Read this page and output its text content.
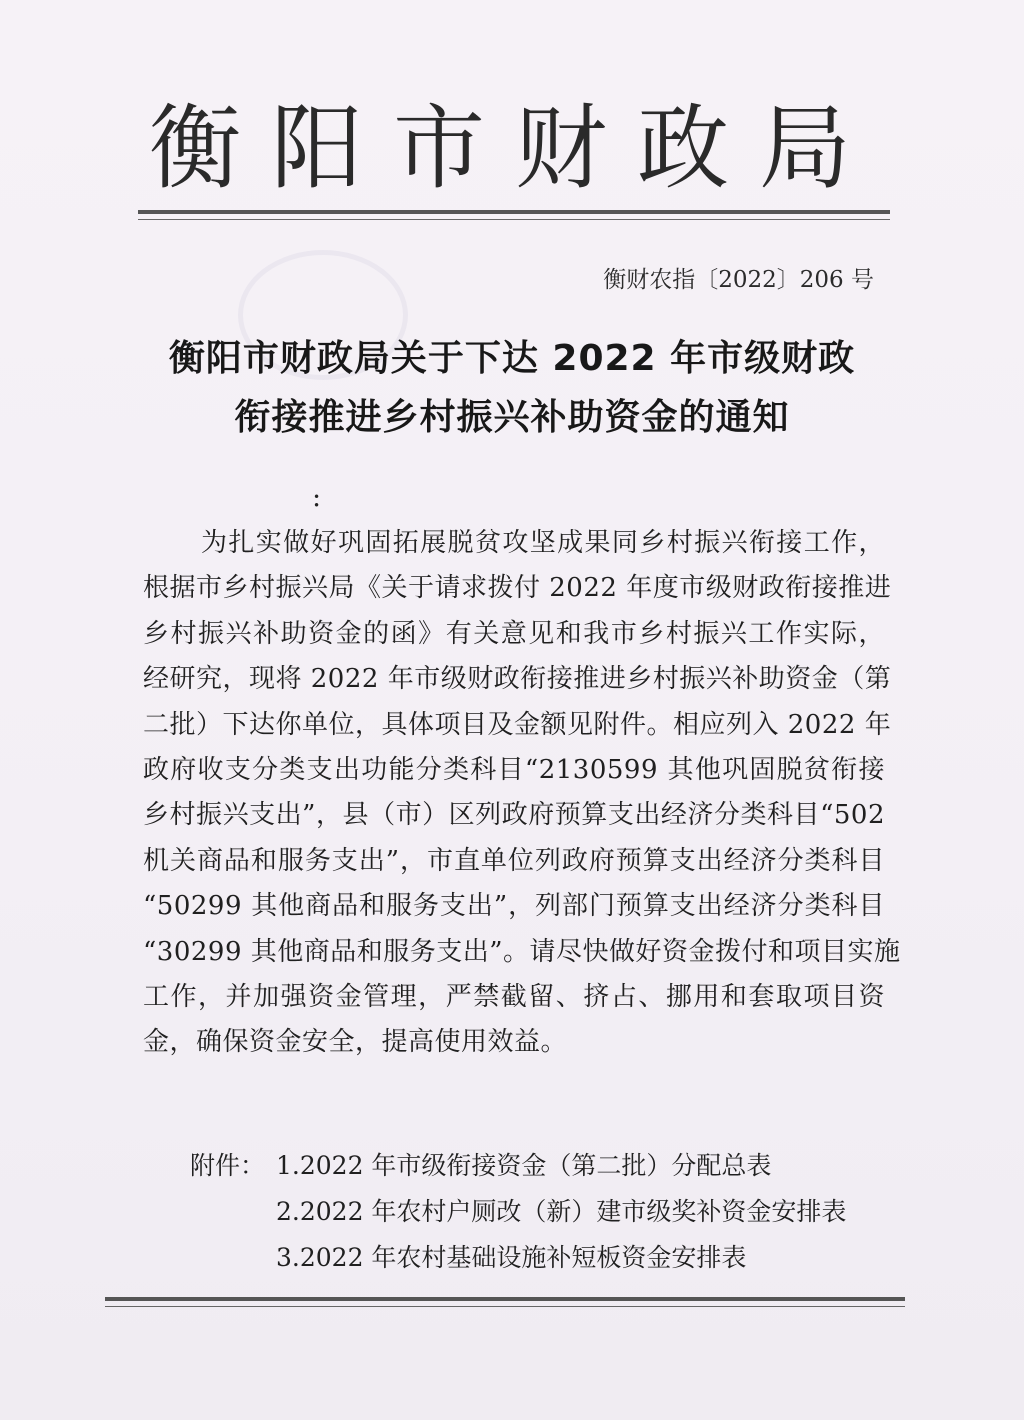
衡阳市财政局
衡财农指〔2022〕206 号
衡阳市财政局关于下达 2022 年市级财政
衔接推进乡村振兴补助资金的通知
:
为扎实做好巩固拓展脱贫攻坚成果同乡村振兴衔接工作，
根据市乡村振兴局《关于请求拨付 2022 年度市级财政衔接推进
乡村振兴补助资金的函》有关意见和我市乡村振兴工作实际，
经研究，现将 2022 年市级财政衔接推进乡村振兴补助资金（第
二批）下达你单位，具体项目及金额见附件。相应列入 2022 年
政府收支分类支出功能分类科目“2130599 其他巩固脱贫衔接
乡村振兴支出”，县（市）区列政府预算支出经济分类科目“502
机关商品和服务支出”，市直单位列政府预算支出经济分类科目
“50299 其他商品和服务支出”，列部门预算支出经济分类科目
“30299 其他商品和服务支出”。请尽快做好资金拨付和项目实施
工作，并加强资金管理，严禁截留、挤占、挪用和套取项目资
金，确保资金安全，提高使用效益。
附件： 1.2022 年市级衔接资金（第二批）分配总表
2.2022 年农村户厕改（新）建市级奖补资金安排表
3.2022 年农村基础设施补短板资金安排表
